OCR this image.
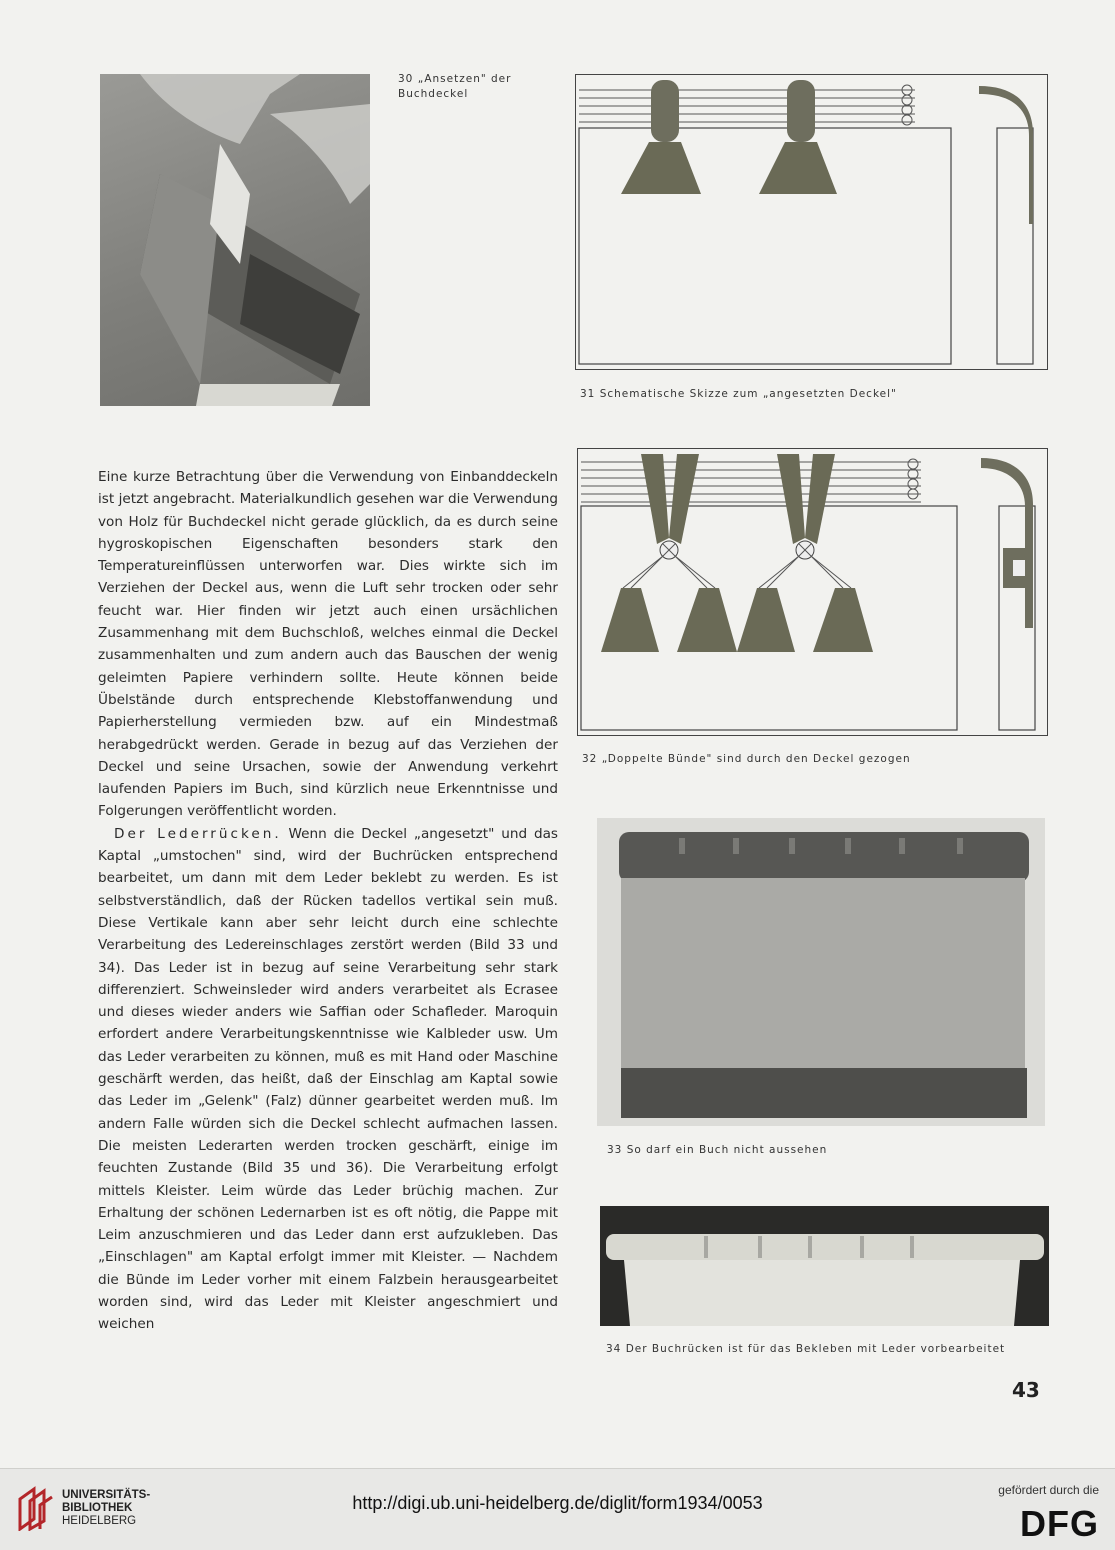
30 „Ansetzen" der Buchdeckel
31 Schematische Skizze zum „angesetzten Deckel"
32 „Doppelte Bünde" sind durch den Deckel gezogen
33 So darf ein Buch nicht aussehen
34 Der Buchrücken ist für das Bekleben mit Leder vorbearbeitet

Eine kurze Betrachtung über die Verwendung von Einbanddeckeln ist jetzt angebracht. Materialkundlich gesehen war die Verwendung von Holz für Buchdeckel nicht gerade glücklich, da es durch seine hygroskopischen Eigenschaften besonders stark den Temperatureinflüssen unterworfen war. Dies wirkte sich im Verziehen der Deckel aus, wenn die Luft sehr trocken oder sehr feucht war. Hier finden wir jetzt auch einen ursächlichen Zusammenhang mit dem Buchschloß, welches einmal die Deckel zusammenhalten und zum andern auch das Bauschen der wenig geleimten Papiere verhindern sollte. Heute können beide Übelstände durch entsprechende Klebstoffanwendung und Papierherstellung vermieden bzw. auf ein Mindestmaß herabgedrückt werden. Gerade in bezug auf das Verziehen der Deckel und seine Ursachen, sowie der Anwendung verkehrt laufenden Papiers im Buch, sind kürzlich neue Erkenntnisse und Folgerungen veröffentlicht worden.

Der Lederrücken. Wenn die Deckel „angesetzt" und das Kaptal „umstochen" sind, wird der Buchrücken entsprechend bearbeitet, um dann mit dem Leder beklebt zu werden. Es ist selbstverständlich, daß der Rücken tadellos vertikal sein muß. Diese Vertikale kann aber sehr leicht durch eine schlechte Verarbeitung des Ledereinschlages zerstört werden (Bild 33 und 34). Das Leder ist in bezug auf seine Verarbeitung sehr stark differenziert. Schweinsleder wird anders verarbeitet als Ecrasee und dieses wieder anders wie Saffian oder Schafleder. Maroquin erfordert andere Verarbeitungskenntnisse wie Kalbleder usw. Um das Leder verarbeiten zu können, muß es mit Hand oder Maschine geschärft werden, das heißt, daß der Einschlag am Kaptal sowie das Leder im „Gelenk" (Falz) dünner gearbeitet werden muß. Im andern Falle würden sich die Deckel schlecht aufmachen lassen. Die meisten Lederarten werden trocken geschärft, einige im feuchten Zustande (Bild 35 und 36). Die Verarbeitung erfolgt mittels Kleister. Leim würde das Leder brüchig machen. Zur Erhaltung der schönen Ledernarben ist es oft nötig, die Pappe mit Leim anzuschmieren und das Leder dann erst aufzukleben. Das „Einschlagen" am Kaptal erfolgt immer mit Kleister. — Nachdem die Bünde im Leder vorher mit einem Falzbein herausgearbeitet worden sind, wird das Leder mit Kleister angeschmiert und weichen

43
UNIVERSITÄTS-
BIBLIOTHEK
HEIDELBERG
http://digi.ub.uni-heidelberg.de/diglit/form1934/0053
gefördert durch die
DFG
